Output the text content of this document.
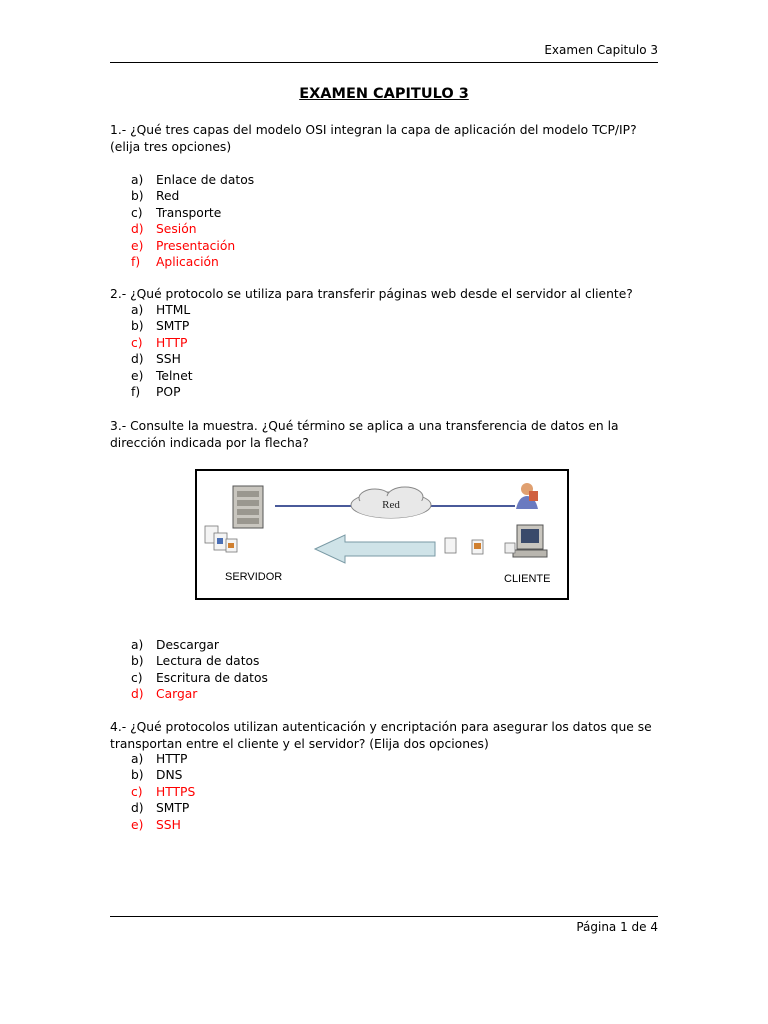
Examen Capitulo 3
EXAMEN CAPITULO 3
1.- ¿Qué tres capas del modelo OSI integran la capa de aplicación del modelo TCP/IP? (elija tres opciones)
a) Enlace de datos
b) Red
c) Transporte
d) Sesión
e) Presentación
f) Aplicación
2.- ¿Qué protocolo se utiliza para transferir páginas web desde el servidor al cliente?
a) HTML
b) SMTP
c) HTTP
d) SSH
e) Telnet
f) POP
3.- Consulte la muestra. ¿Qué término se aplica a una transferencia de datos en la dirección indicada por la flecha?
Red
SERVIDOR	CLIENTE
a) Descargar
b) Lectura de datos
c) Escritura de datos
d) Cargar
4.- ¿Qué protocolos utilizan autenticación y encriptación para asegurar los datos que se transportan entre el cliente y el servidor? (Elija dos opciones)
a) HTTP
b) DNS
c) HTTPS
d) SMTP
e) SSH
Página 1 de 4
